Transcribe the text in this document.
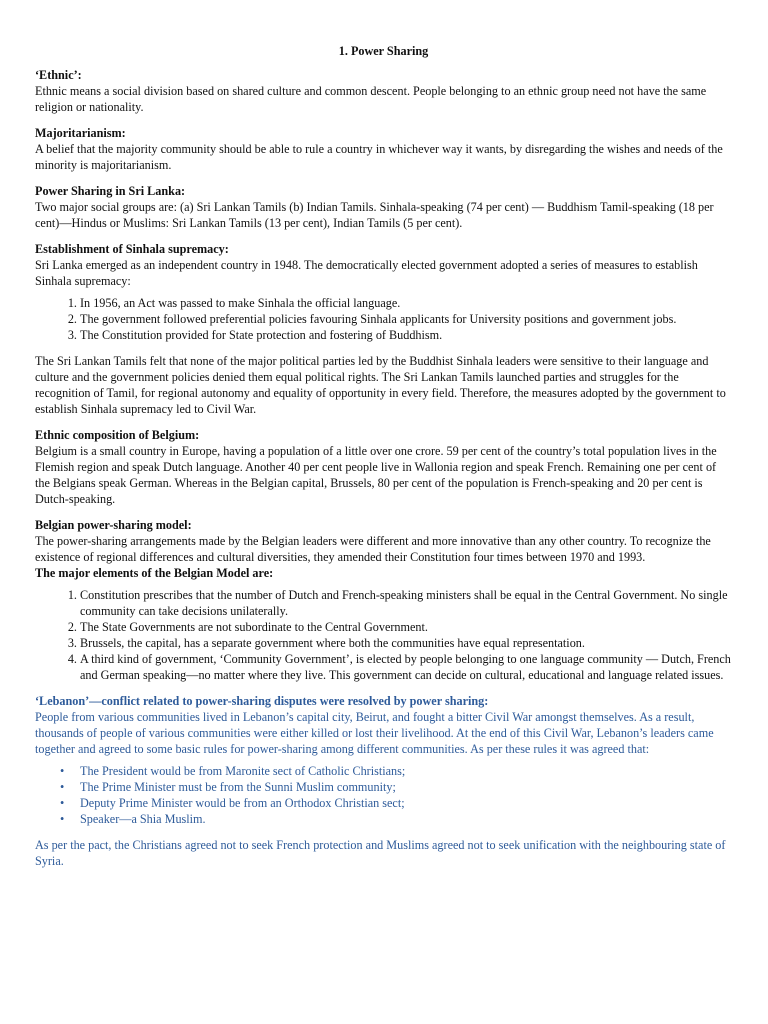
1. Power Sharing
‘Ethnic’:
Ethnic means a social division based on shared culture and common descent. People belonging to an ethnic group need not have the same religion or nationality.
Majoritarianism:
A belief that the majority community should be able to rule a country in whichever way it wants, by disregarding the wishes and needs of the minority is majoritarianism.
Power Sharing in Sri Lanka:
Two major social groups are: (a) Sri Lankan Tamils (b) Indian Tamils. Sinhala-speaking (74 per cent) — Buddhism Tamil-speaking (18 per cent)—Hindus or Muslims: Sri Lankan Tamils (13 per cent), Indian Tamils (5 per cent).
Establishment of Sinhala supremacy:
Sri Lanka emerged as an independent country in 1948. The democratically elected government adopted a series of measures to establish Sinhala supremacy:
1. In 1956, an Act was passed to make Sinhala the official language.
2. The government followed preferential policies favouring Sinhala applicants for University positions and government jobs.
3. The Constitution provided for State protection and fostering of Buddhism.
The Sri Lankan Tamils felt that none of the major political parties led by the Buddhist Sinhala leaders were sensitive to their language and culture and the government policies denied them equal political rights. The Sri Lankan Tamils launched parties and struggles for the recognition of Tamil, for regional autonomy and equality of opportunity in every field. Therefore, the measures adopted by the government to establish Sinhala supremacy led to Civil War.
Ethnic composition of Belgium:
Belgium is a small country in Europe, having a population of a little over one crore. 59 per cent of the country’s total population lives in the Flemish region and speak Dutch language. Another 40 per cent people live in Wallonia region and speak French. Remaining one per cent of the Belgians speak German. Whereas in the Belgian capital, Brussels, 80 per cent of the population is French-speaking and 20 per cent is Dutch-speaking.
Belgian power-sharing model:
The power-sharing arrangements made by the Belgian leaders were different and more innovative than any other country. To recognize the existence of regional differences and cultural diversities, they amended their Constitution four times between 1970 and 1993.
The major elements of the Belgian Model are:
1. Constitution prescribes that the number of Dutch and French-speaking ministers shall be equal in the Central Government. No single community can take decisions unilaterally.
2. The State Governments are not subordinate to the Central Government.
3. Brussels, the capital, has a separate government where both the communities have equal representation.
4. A third kind of government, ‘Community Government’, is elected by people belonging to one language community — Dutch, French and German speaking—no matter where they live. This government can decide on cultural, educational and language related issues.
‘Lebanon’—conflict related to power-sharing disputes were resolved by power sharing:
People from various communities lived in Lebanon’s capital city, Beirut, and fought a bitter Civil War amongst themselves. As a result, thousands of people of various communities were either killed or lost their livelihood. At the end of this Civil War, Lebanon’s leaders came together and agreed to some basic rules for power-sharing among different communities. As per these rules it was agreed that:
• The President would be from Maronite sect of Catholic Christians;
• The Prime Minister must be from the Sunni Muslim community;
• Deputy Prime Minister would be from an Orthodox Christian sect;
• Speaker—a Shia Muslim.
As per the pact, the Christians agreed not to seek French protection and Muslims agreed not to seek unification with the neighbouring state of Syria.
